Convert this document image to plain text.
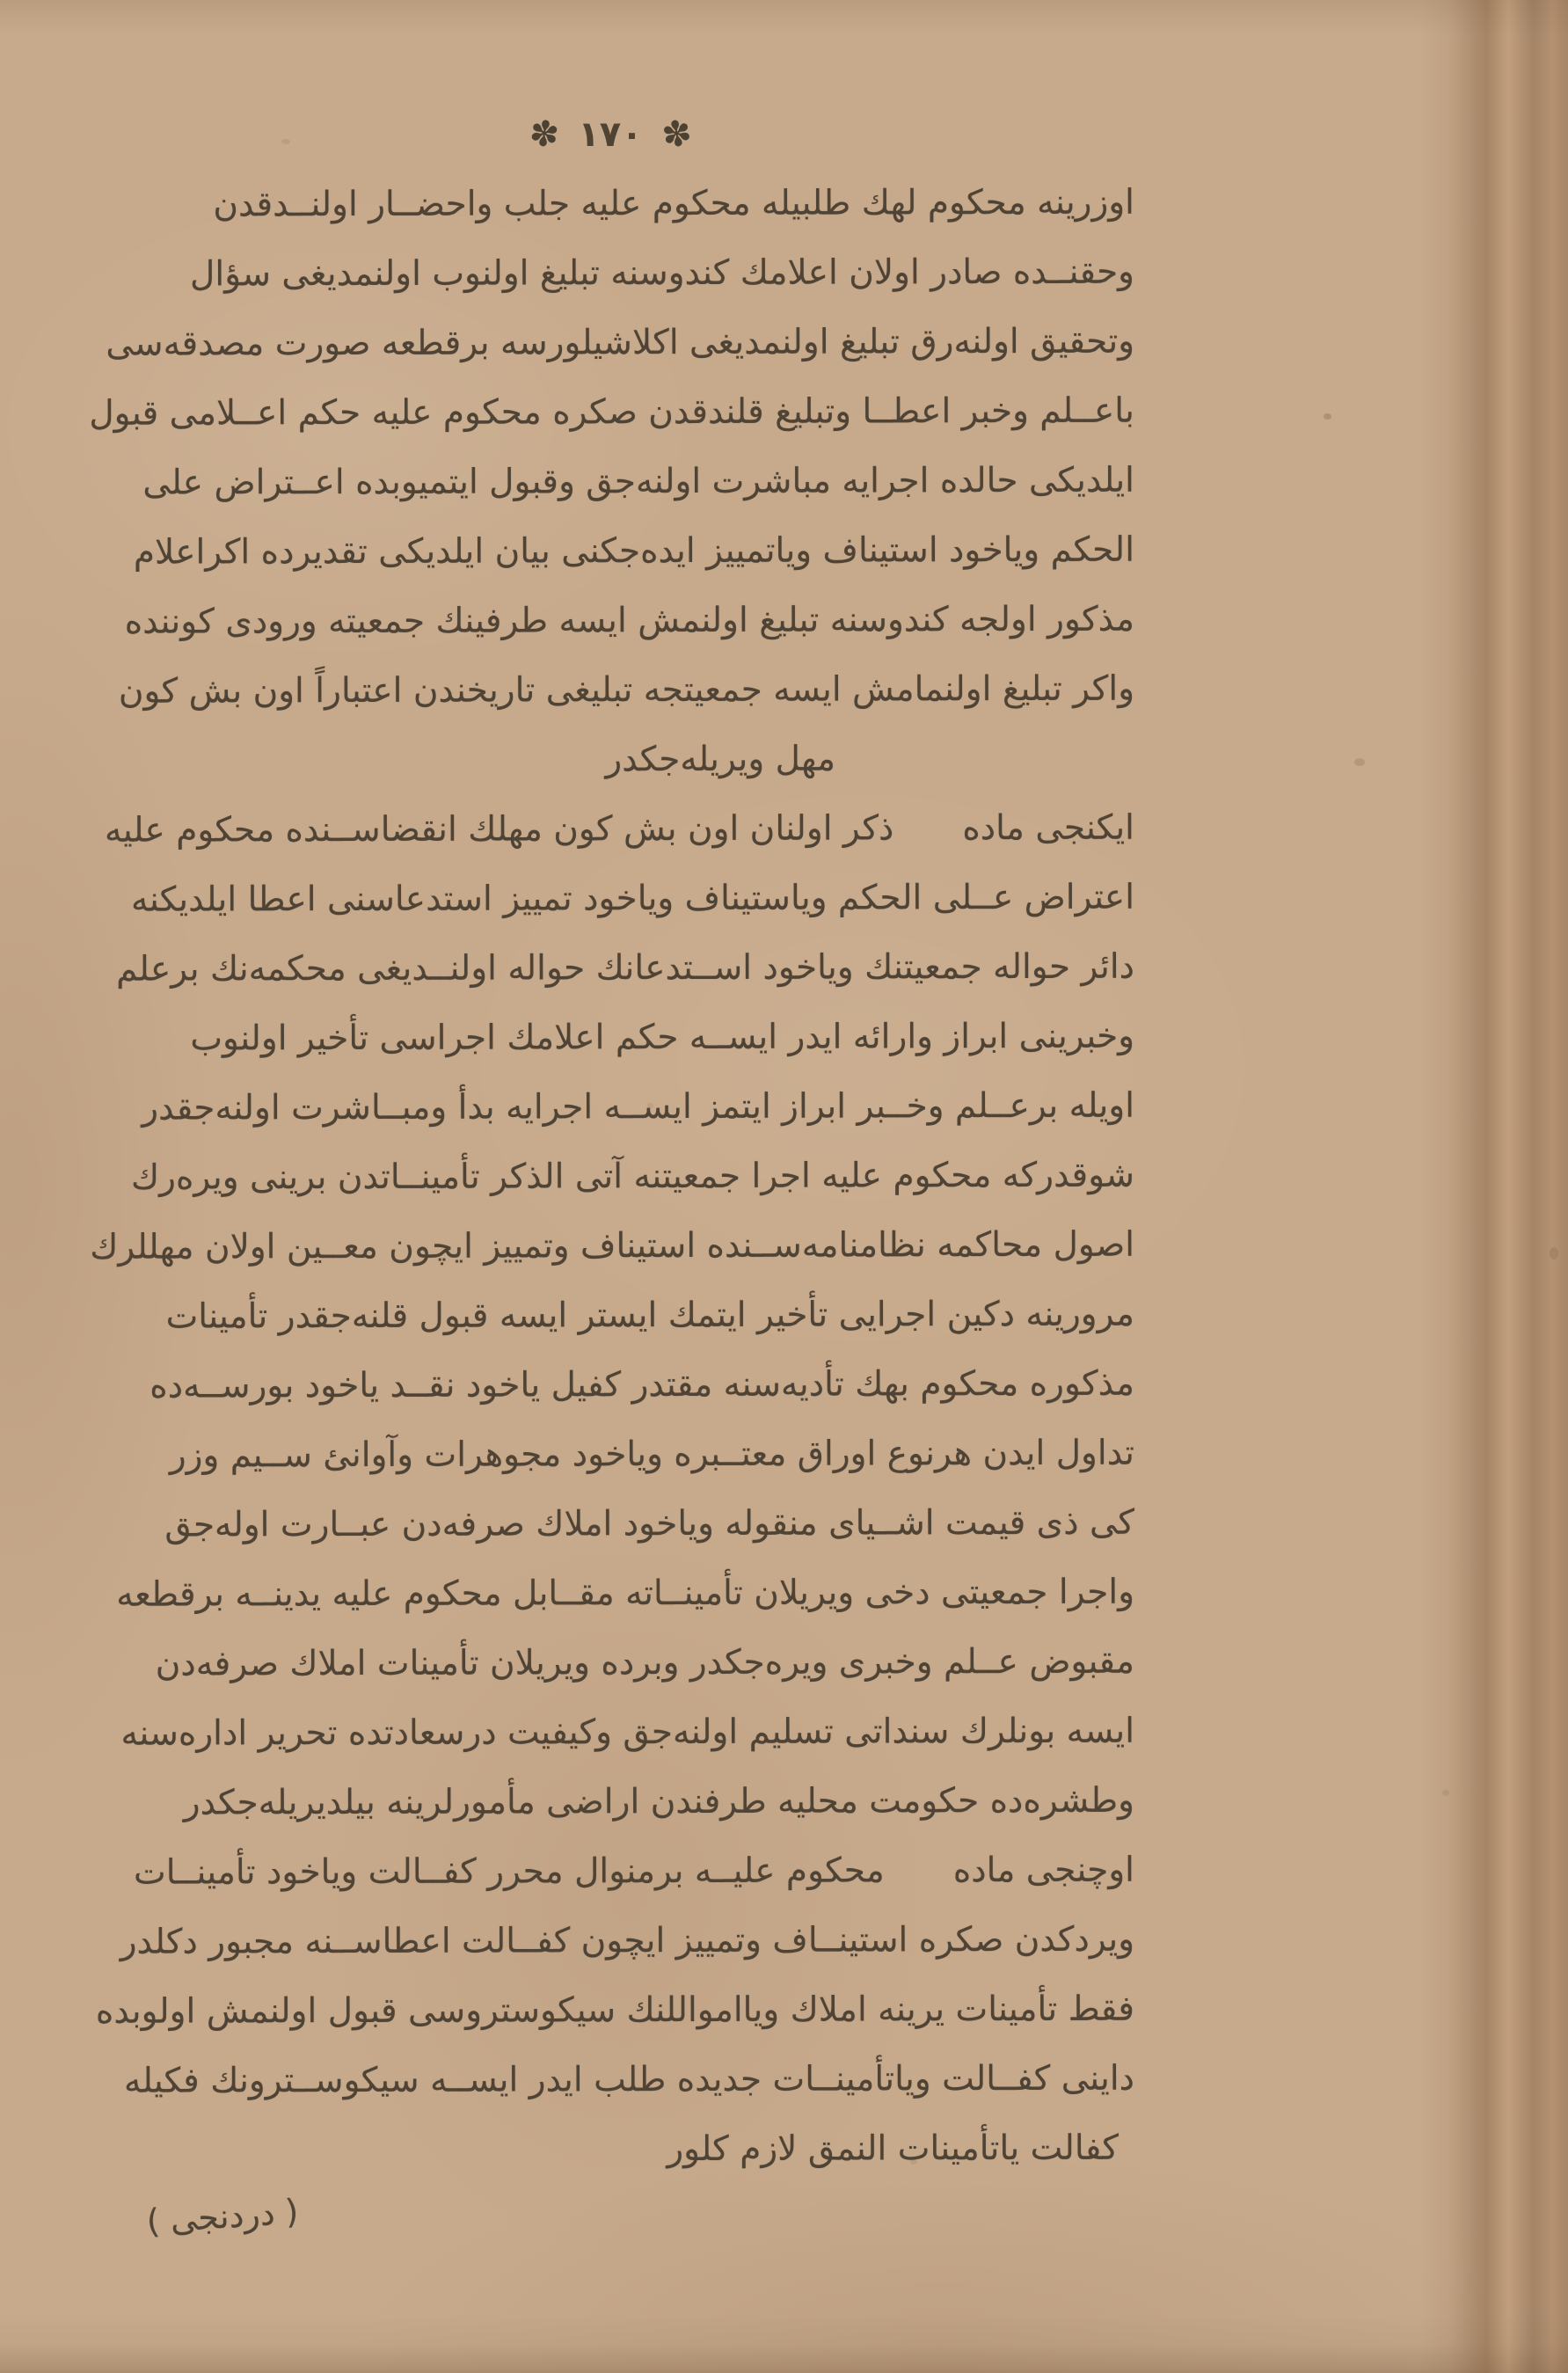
✽
١٧٠
✽
اوزرينه محكوم لهك طلبيله محكوم عليه جلب واحضــار اولنــدقدن
وحقنــده صادر اولان اعلامك كندوسنه تبليغ اولنوب اولنمديغى سؤال
وتحقيق اولنه‌رق تبليغ اولنمديغى اكلاشيلورسه برقطعه صورت مصدقه‌سى
باعــلم وخبر اعطــا وتبليغ قلندقدن صكره محكوم عليه حكم اعــلامى قبول
ايلديكى حالده اجرايه مباشرت اولنه‌جق وقبول ايتميوبده اعــتراض على
الحكم وياخود استيناف وياتمييز ايده‌جكنى بيان ايلديكى تقديرده اكراعلام
مذكور اولجه كندوسنه تبليغ اولنمش ايسه طرفينك جمعيته ورودى كوننده
واكر تبليغ اولنمامش ايسه جمعيتجه تبليغى تاريخندن اعتباراً اون بش كون
مهل ويريله‌جكدر
ايكنجى ماده  ذكر اولنان اون بش كون مهلك انقضاســنده محكوم عليه
اعتراض عــلى الحكم وياستيناف وياخود تمييز استدعاسنى اعطا ايلديكنه
دائر حواله جمعيتنك وياخود اســتدعانك حواله اولنــديغى محكمه‌نك برعلم
وخبرينى ابراز وارائه ايدر ايســه حكم اعلامك اجراسى تأخير اولنوب
اويله برعــلم وخــبر ابراز ايتمز ايســه اجرايه بدأ ومبــاشرت اولنه‌جقدر
شوقدركه محكوم عليه اجرا جمعيتنه آتى الذكر تأمينــاتدن برينى ويره‌رك
اصول محاكمه نظامنامه‌ســنده استيناف وتمييز ايچون معــين اولان مهللرك
مرورينه دكين اجرايى تأخير ايتمك ايستر ايسه قبول قلنه‌جقدر تأمينات
مذكوره محكوم بهك تأديه‌سنه مقتدر كفيل ياخود نقــد ياخود بورســه‌ده
تداول ايدن هرنوع اوراق معتــبره وياخود مجوهرات وآوانئ ســيم وزر
كى ذى قيمت اشــياى منقوله وياخود املاك صرفه‌دن عبــارت اوله‌جق
واجرا جمعيتى دخى ويريلان تأمينــاته مقــابل محكوم عليه يدينــه برقطعه
مقبوض عــلم وخبرى ويره‌جكدر وبرده ويريلان تأمينات املاك صرفه‌دن
ايسه بونلرك سنداتى تسليم اولنه‌جق وكيفيت درسعادتده تحرير اداره‌سنه
وطشره‌ده حكومت محليه طرفندن اراضى مأمورلرينه بيلديريله‌جكدر
اوچنجى ماده  محكوم عليــه برمنوال محرر كفــالت وياخود تأمينــات
ويردكدن صكره استينــاف وتمييز ايچون كفــالت اعطاســنه مجبور دكلدر
فقط تأمينات يرينه املاك وياامواللنك سيكوستروسى قبول اولنمش اولوبده
داينى كفــالت وياتأمينــات جديده طلب ايدر ايســه سيكوســترونك فكيله
كفالت ياتأمينات النمق لازم كلور
( دردنجى )
